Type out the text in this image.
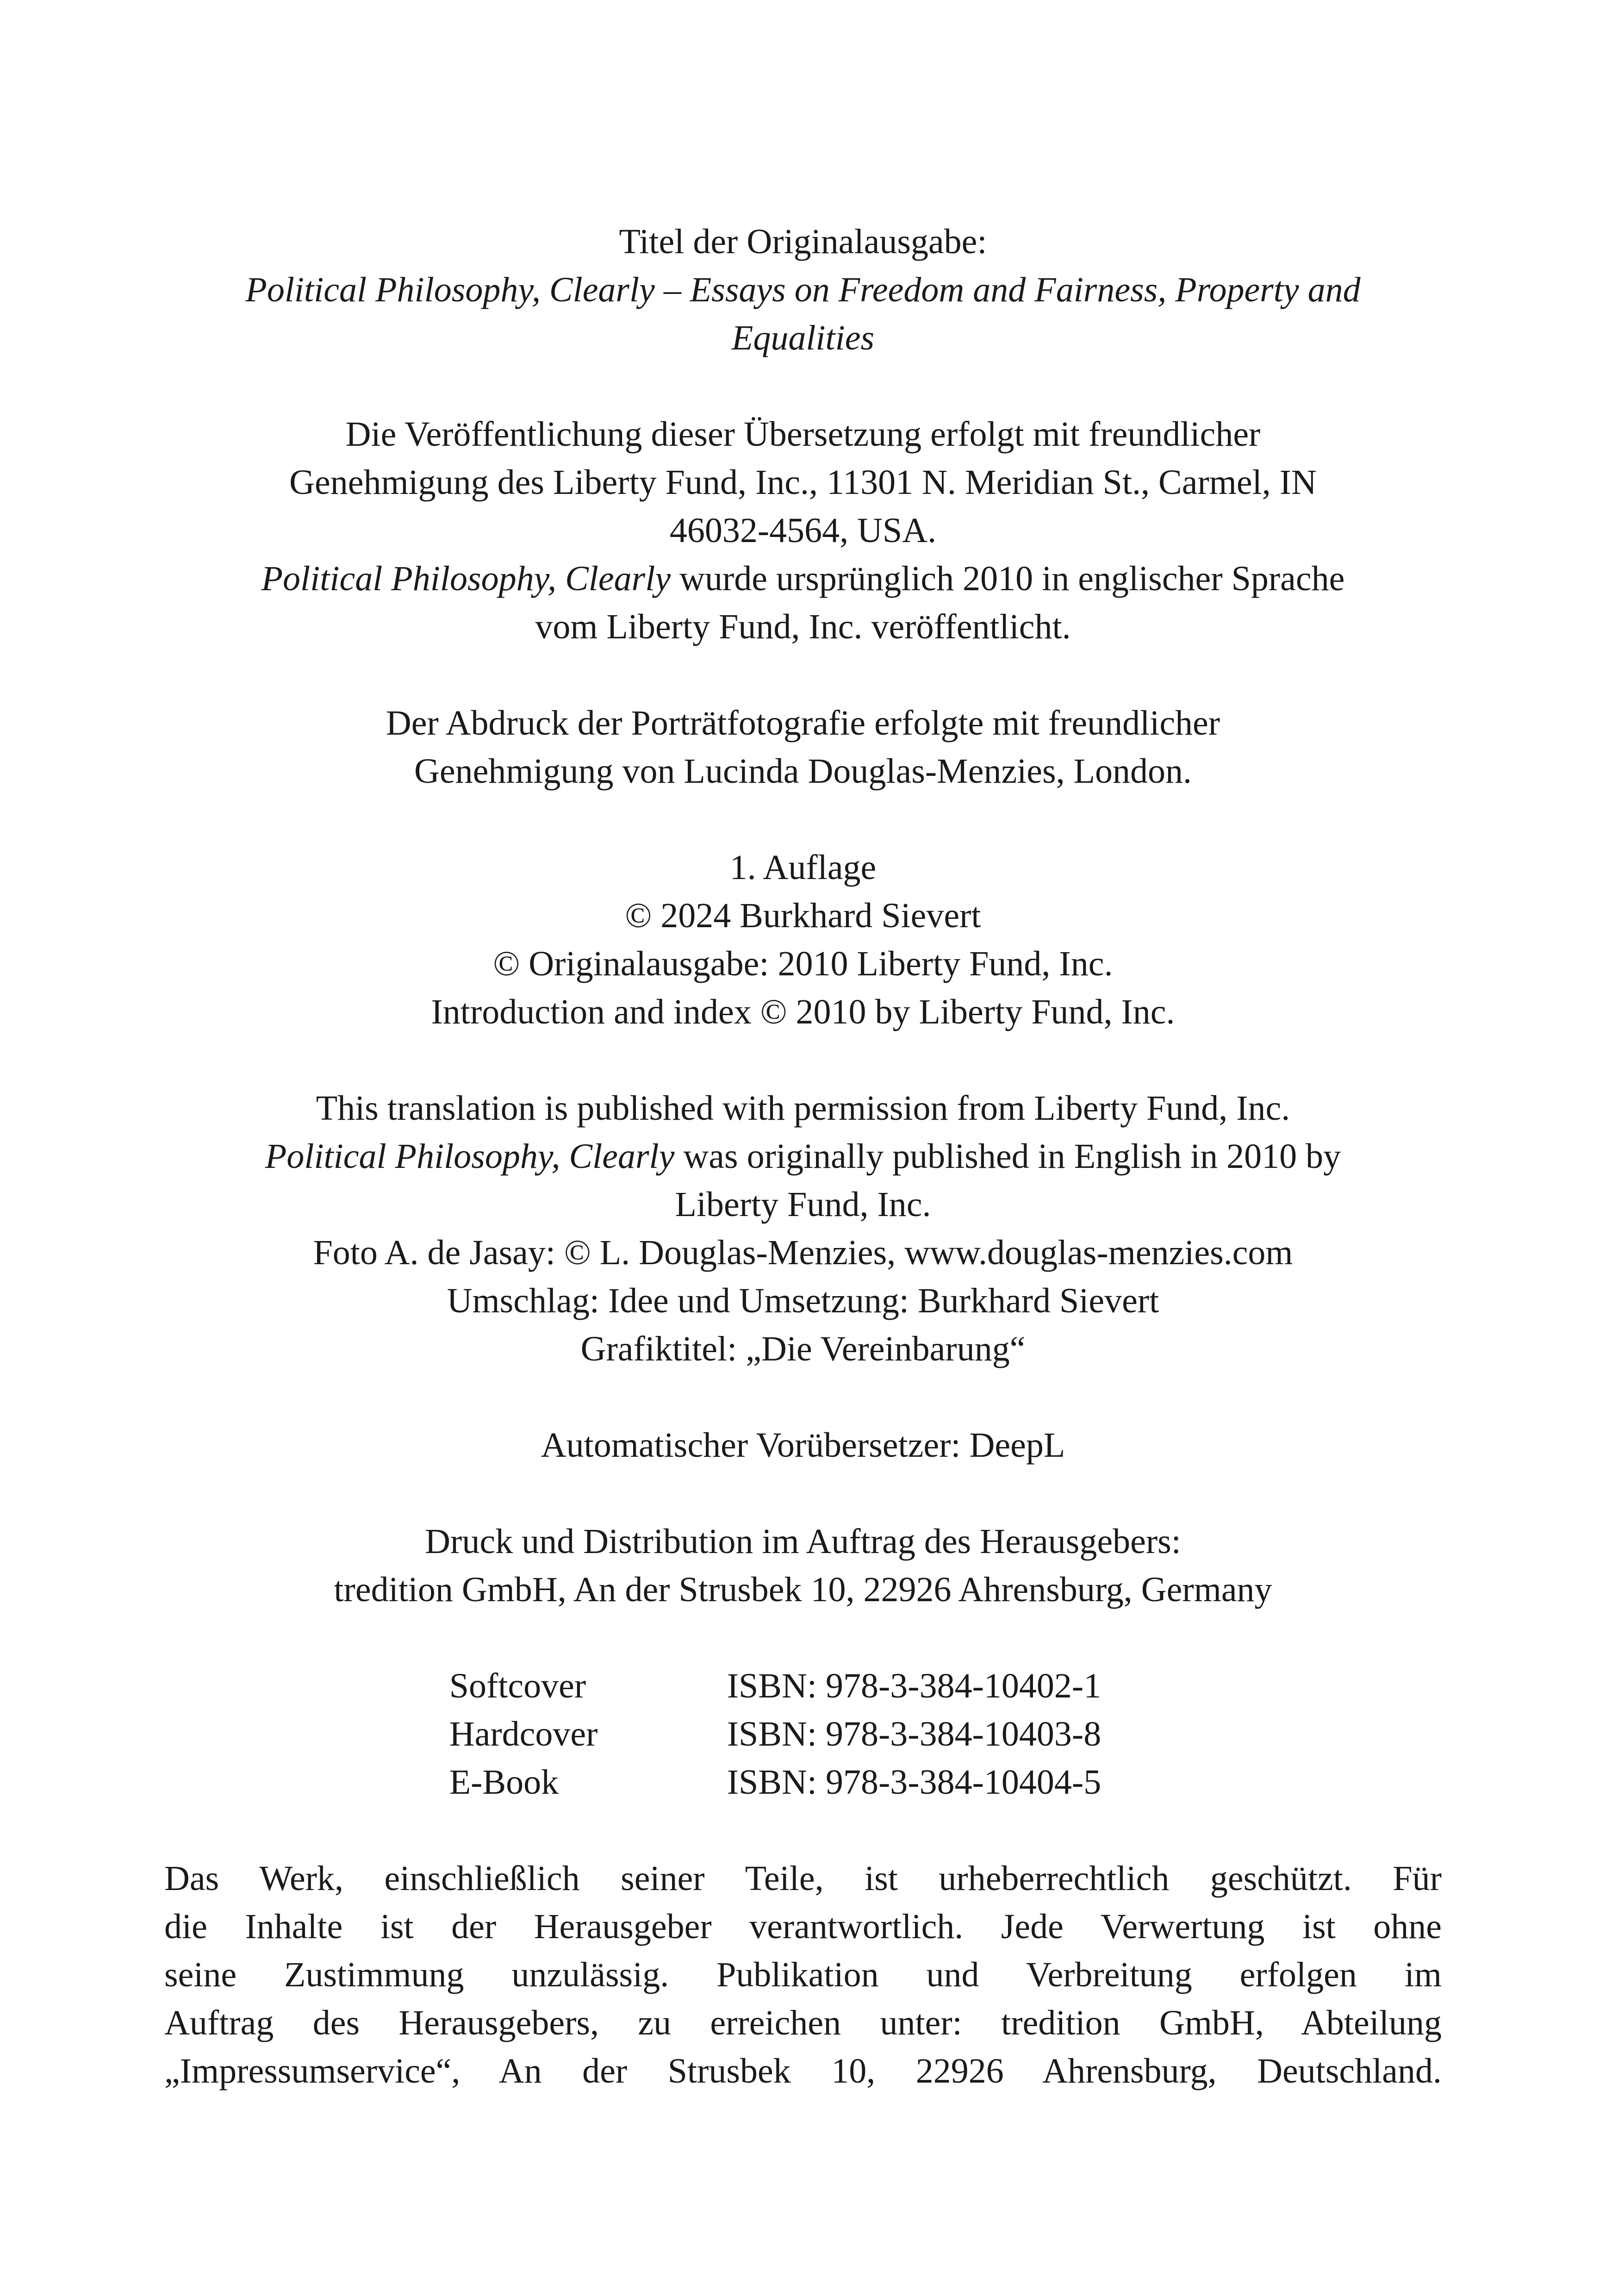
Titel der Originalausgabe:
Political Philosophy, Clearly – Essays on Freedom and Fairness, Property and
Equalities
Die Veröffentlichung dieser Übersetzung erfolgt mit freundlicher
Genehmigung des Liberty Fund, Inc., 11301 N. Meridian St., Carmel, IN
46032-4564, USA.
Political Philosophy, Clearly wurde ursprünglich 2010 in englischer Sprache
vom Liberty Fund, Inc. veröffentlicht.
Der Abdruck der Porträtfotografie erfolgte mit freundlicher
Genehmigung von Lucinda Douglas-Menzies, London.
1. Auflage
© 2024 Burkhard Sievert
© Originalausgabe: 2010 Liberty Fund, Inc.
Introduction and index © 2010 by Liberty Fund, Inc.
This translation is published with permission from Liberty Fund, Inc.
Political Philosophy, Clearly was originally published in English in 2010 by
Liberty Fund, Inc.
Foto A. de Jasay: © L. Douglas-Menzies, www.douglas-menzies.com
Umschlag: Idee und Umsetzung: Burkhard Sievert
Grafiktitel: „Die Vereinbarung“
Automatischer Vorübersetzer: DeepL
Druck und Distribution im Auftrag des Herausgebers:
tredition GmbH, An der Strusbek 10, 22926 Ahrensburg, Germany
Softcover	ISBN: 978-3-384-10402-1
Hardcover	ISBN: 978-3-384-10403-8
E-Book	ISBN: 978-3-384-10404-5
Das Werk, einschließlich seiner Teile, ist urheberrechtlich geschützt. Für
die Inhalte ist der Herausgeber verantwortlich. Jede Verwertung ist ohne
seine Zustimmung unzulässig. Publikation und Verbreitung erfolgen im
Auftrag des Herausgebers, zu erreichen unter: tredition GmbH, Abteilung
„Impressumservice“, An der Strusbek 10, 22926 Ahrensburg, Deutschland.
